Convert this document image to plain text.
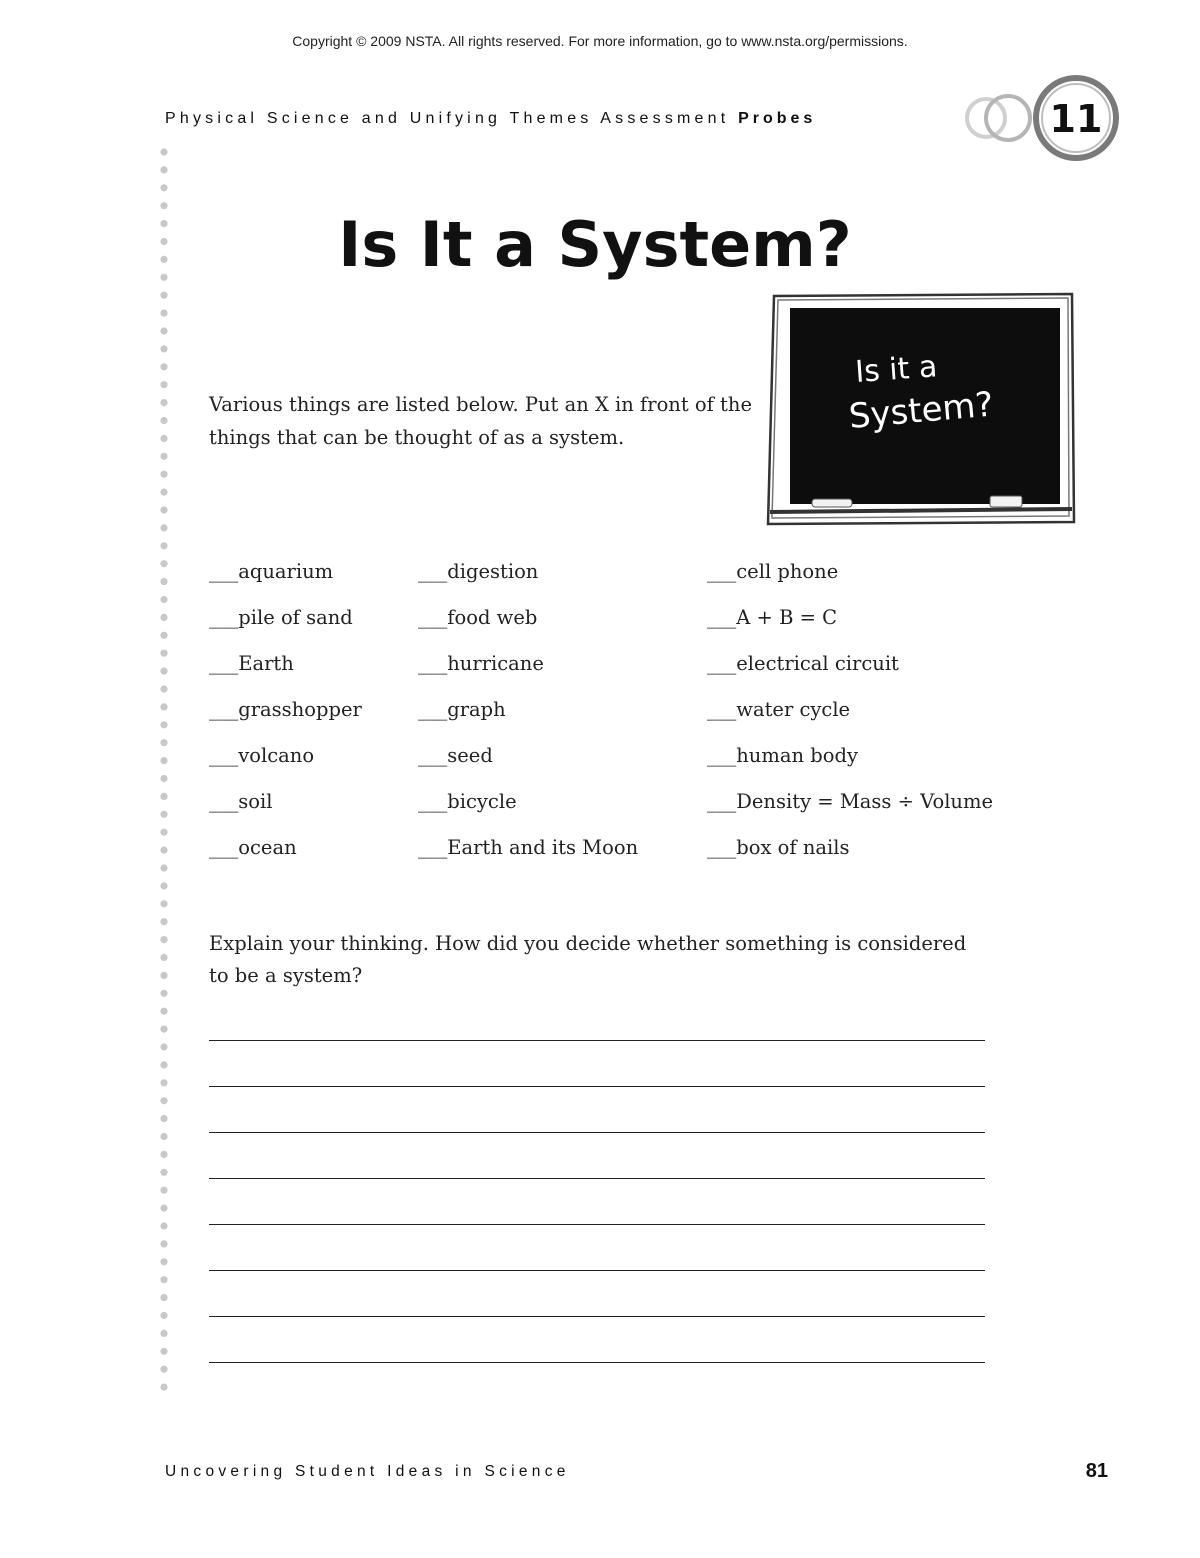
Copyright © 2009 NSTA. All rights reserved. For more information, go to www.nsta.org/permissions.
Physical Science and Unifying Themes Assessment Probes	11
Is It a System?
Various things are listed below. Put an X in front of the things that can be thought of as a system.
Is it a
System?
___aquarium
___pile of sand
___Earth
___grasshopper
___volcano
___soil
___ocean
___digestion
___food web
___hurricane
___graph
___seed
___bicycle
___Earth and its Moon
___cell phone
___A + B = C
___electrical circuit
___water cycle
___human body
___Density = Mass ÷ Volume
___box of nails
Explain your thinking. How did you decide whether something is considered to be a system?
Uncovering Student Ideas in Science	81
